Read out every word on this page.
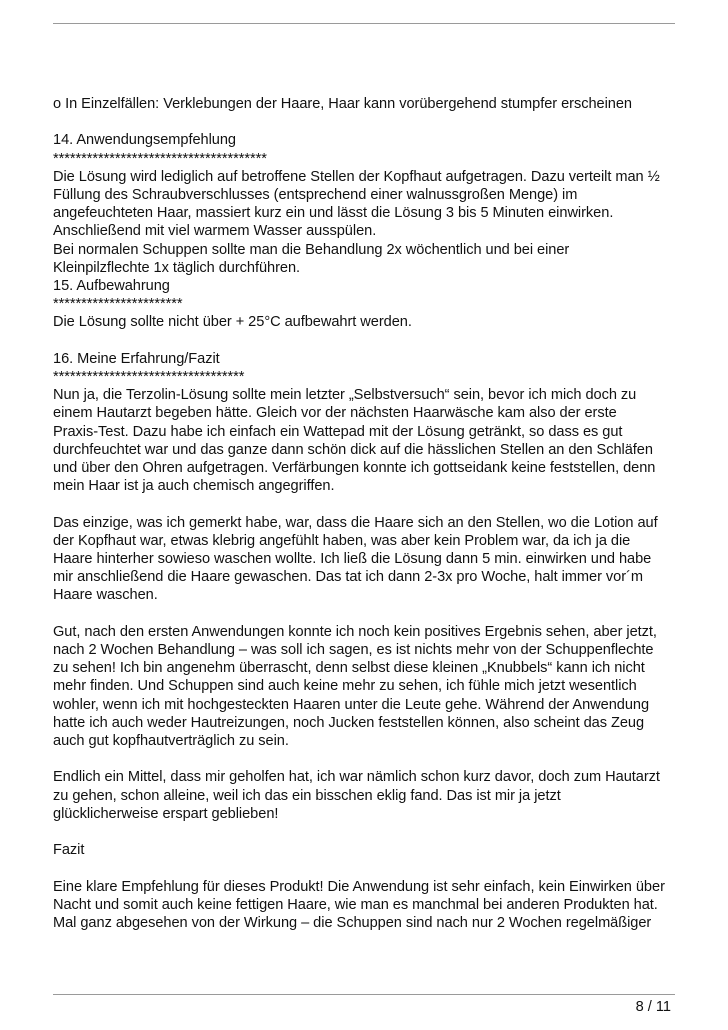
o In Einzelfällen: Verklebungen der Haare, Haar kann vorübergehend stumpfer erscheinen

14. Anwendungsempfehlung

**************************************

Die Lösung wird lediglich auf betroffene Stellen der Kopfhaut aufgetragen. Dazu verteilt man ½

Füllung des Schraubverschlusses (entsprechend einer walnussgroßen Menge) im

angefeuchteten Haar, massiert kurz ein und lässt die Lösung 3 bis 5 Minuten einwirken.

Anschließend mit viel warmem Wasser ausspülen.

Bei normalen Schuppen sollte man die Behandlung 2x wöchentlich und bei einer

Kleinpilzflechte 1x täglich durchführen.

15. Aufbewahrung

***********************

Die Lösung sollte nicht über + 25°C aufbewahrt werden.

16. Meine Erfahrung/Fazit

**********************************

Nun ja, die Terzolin-Lösung sollte mein letzter „Selbstversuch“ sein, bevor ich mich doch zu

einem Hautarzt begeben hätte. Gleich vor der nächsten Haarwäsche kam also der erste

Praxis-Test. Dazu habe ich einfach ein Wattepad mit der Lösung getränkt, so dass es gut

durchfeuchtet war und das ganze dann schön dick auf die hässlichen Stellen an den Schläfen

und über den Ohren aufgetragen. Verfärbungen konnte ich gottseidank keine feststellen, denn

mein Haar ist ja auch chemisch angegriffen.

Das einzige, was ich gemerkt habe, war, dass die Haare sich an den Stellen, wo die Lotion auf

der Kopfhaut war, etwas klebrig angefühlt haben, was aber kein Problem war, da ich ja die

Haare hinterher sowieso waschen wollte. Ich ließ die Lösung dann 5 min. einwirken und habe

mir anschließend die Haare gewaschen. Das tat ich dann 2-3x pro Woche, halt immer vor´m

Haare waschen.

Gut, nach den ersten Anwendungen konnte ich noch kein positives Ergebnis sehen, aber jetzt,

nach 2 Wochen Behandlung – was soll ich sagen, es ist nichts mehr von der Schuppenflechte

zu sehen! Ich bin angenehm überrascht, denn selbst diese kleinen „Knubbels“ kann ich nicht

mehr finden. Und Schuppen sind auch keine mehr zu sehen, ich fühle mich jetzt wesentlich

wohler, wenn ich mit hochgesteckten Haaren unter die Leute gehe. Während der Anwendung

hatte ich auch weder Hautreizungen, noch Jucken feststellen können, also scheint das Zeug

auch gut kopfhautverträglich zu sein.

Endlich ein Mittel, dass mir geholfen hat, ich war nämlich schon kurz davor, doch zum Hautarzt

zu gehen, schon alleine, weil ich das ein bisschen eklig fand. Das ist mir ja jetzt

glücklicherweise erspart geblieben!

Fazit

Eine klare Empfehlung für dieses Produkt! Die Anwendung ist sehr einfach, kein Einwirken über

Nacht und somit auch keine fettigen Haare, wie man es manchmal bei anderen Produkten hat.

Mal ganz abgesehen von der Wirkung – die Schuppen sind nach nur 2 Wochen regelmäßiger

8 / 11
